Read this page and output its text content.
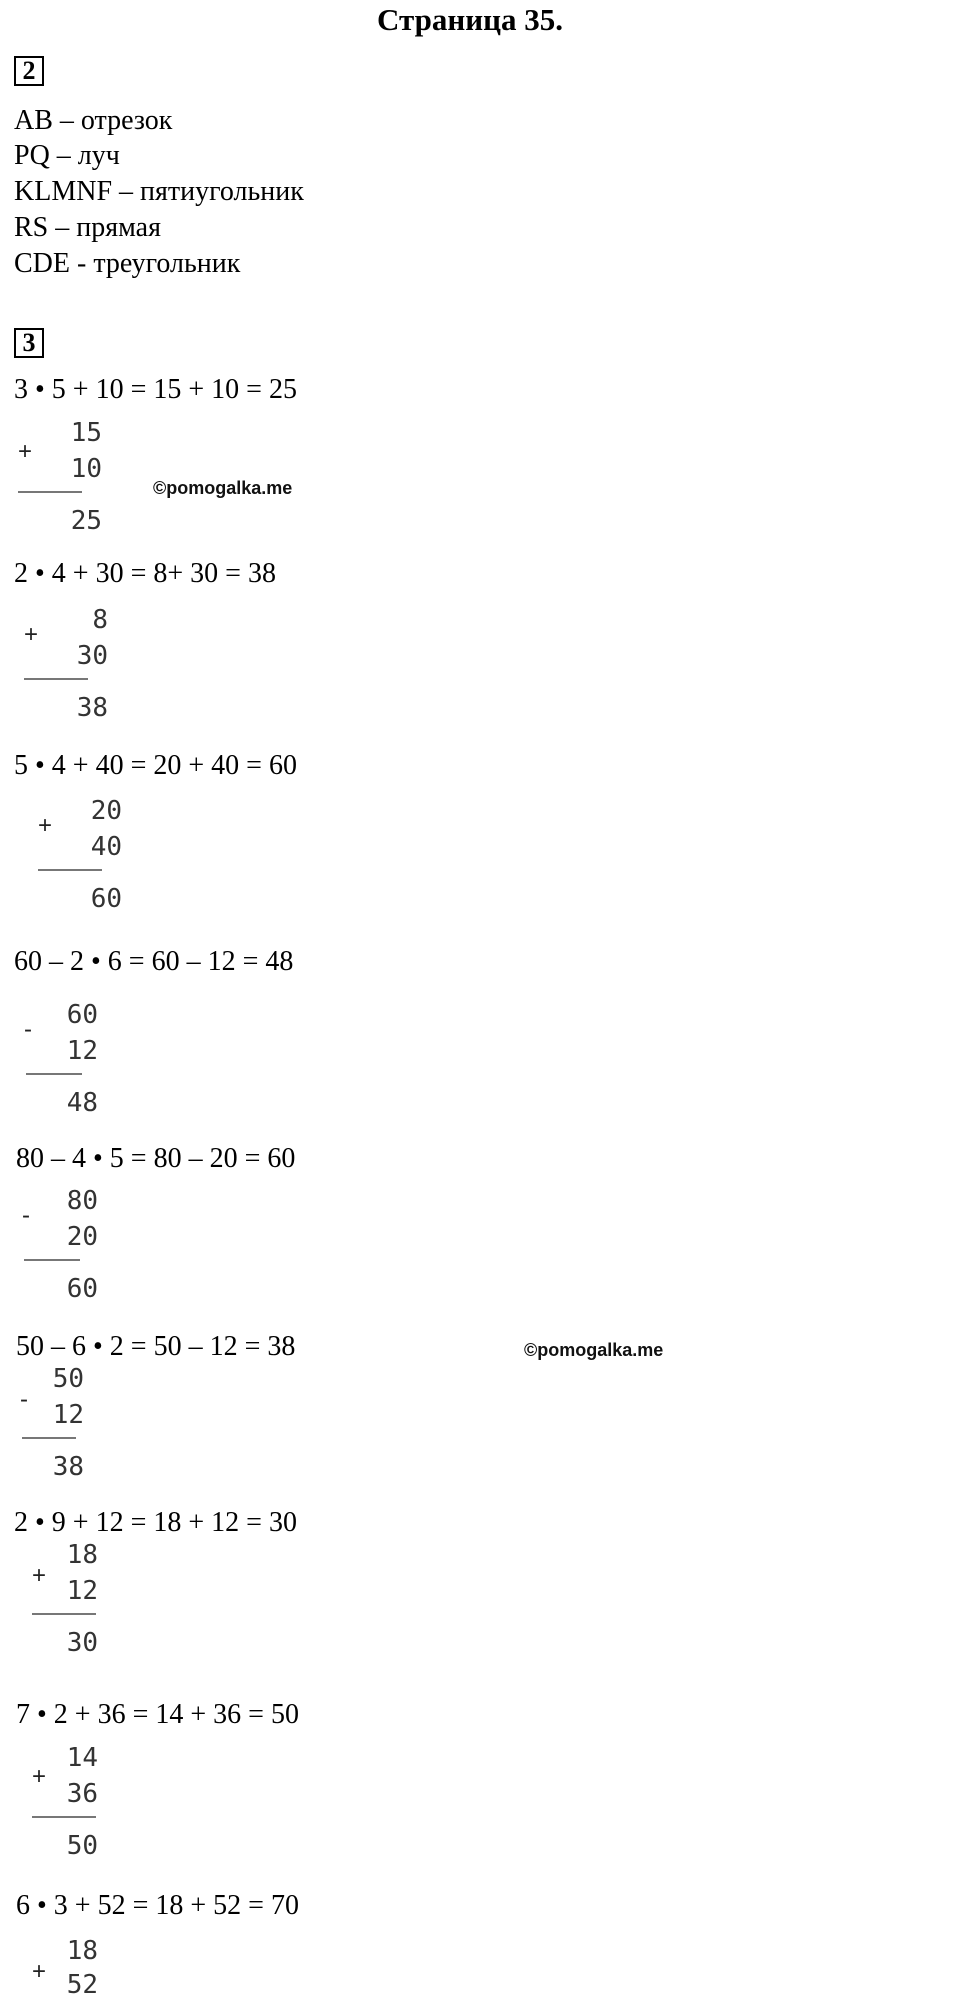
Страница 35.
2
AB – отрезок
PQ – луч
KLMNF – пятиугольник
RS – прямая
CDE - треугольник
3
3 • 5 + 10 = 15 + 10 = 25
+
15
10
25
2 • 4 + 30 = 8+ 30 = 38
+	8
30
38
5 • 4 + 40 = 20 + 40 = 60
+	20
40
60
60 – 2 • 6 = 60 – 12 = 48
-	60
12
48
80 – 4 • 5 = 80 – 20 = 60
-	80
20
60
50 – 6 • 2 = 50 – 12 = 38
-
50
12
38
2 • 9 + 12 = 18 + 12 = 30
+
18
12
30
7 • 2 + 36 = 14 + 36 = 50
+
14
36
50
6 • 3 + 52 = 18 + 52 = 70
+
18
52
©pomogalka.me
©pomogalka.me
